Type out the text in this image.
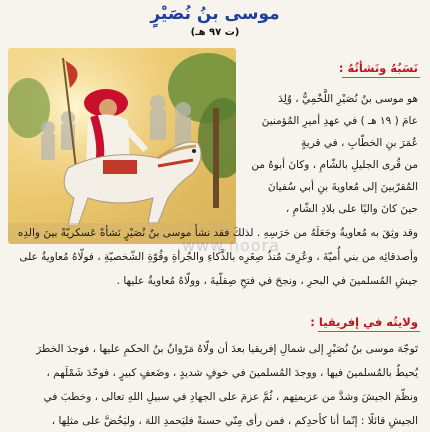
موسى بنُ نُصَيْرٍ
(ت ٩٧ هـ)
نَسَبُهُ ونَشأتُهُ :
هو موسى بنُ نُصَيْرِ اللَّخْمِيُّ ، وُلِدَ
عامَ ( ١٩ هـ ) في عهدِ أميرِ المُؤمنينَ
عُمَرَ بنِ الخطّابِ ، في قريةٍ
من قُرى الجليلِ بالشّامِ ، وكانَ أبوهُ من
المُقرّبينَ إلى مُعاويةَ بنِ أبي سُفيانَ
حينَ كانَ واليًا على بلادِ الشّامِ ،
وقد وثِقَ به مُعاويةُ وجَعَلَهُ من حَرَسِهِ . لذلكَ فقد نشأَ موسى بنُ نُصَيْرٍ نَشأةً عَسكريّةً بينَ والدِه
وأصدقائِه من بني أُميّةَ ، وعُرِفَ مُنذُ صِغَرِه بالذَّكاءِ والجُرأةِ وقُوّةِ الشّخصيّةِ ، فولّاهُ مُعاويةُ على
جيشِ المُسلمينَ في البحرِ ، ونجحَ في فتحِ صِقلّيةَ ، وولّاهُ مُعاويةُ عليها .
ولايتُه في إفريقيا :
تَوجّهَ موسى بنُ نُصَيْرٍ إلى شمالِ إفريقيا بعدَ أن ولّاهُ مَرْوانُ بنُ الحكمِ عليها ، فوجدَ الخطرَ
يُحيطُ بالمُسلمينَ فيها ، ووجدَ المُسلمينَ في خوفٍ شديدٍ ، وضَعفٍ كبيرٍ ، فوحّدَ شَمْلَهم ،
ونظّمَ الجيشَ وشدَّ من عزيمتِهم ، ثُمَّ عزمَ على الجهادِ في سبيلِ اللهِ تعالى ، وخطبَ في
الجيشِ قائلًا : إنّما أنا كأحدِكم ، فمن رأى مِنّي حسنةً فليَحمدِ اللهَ ، وليَحُضَّ على مثلِها ،
www.noora
